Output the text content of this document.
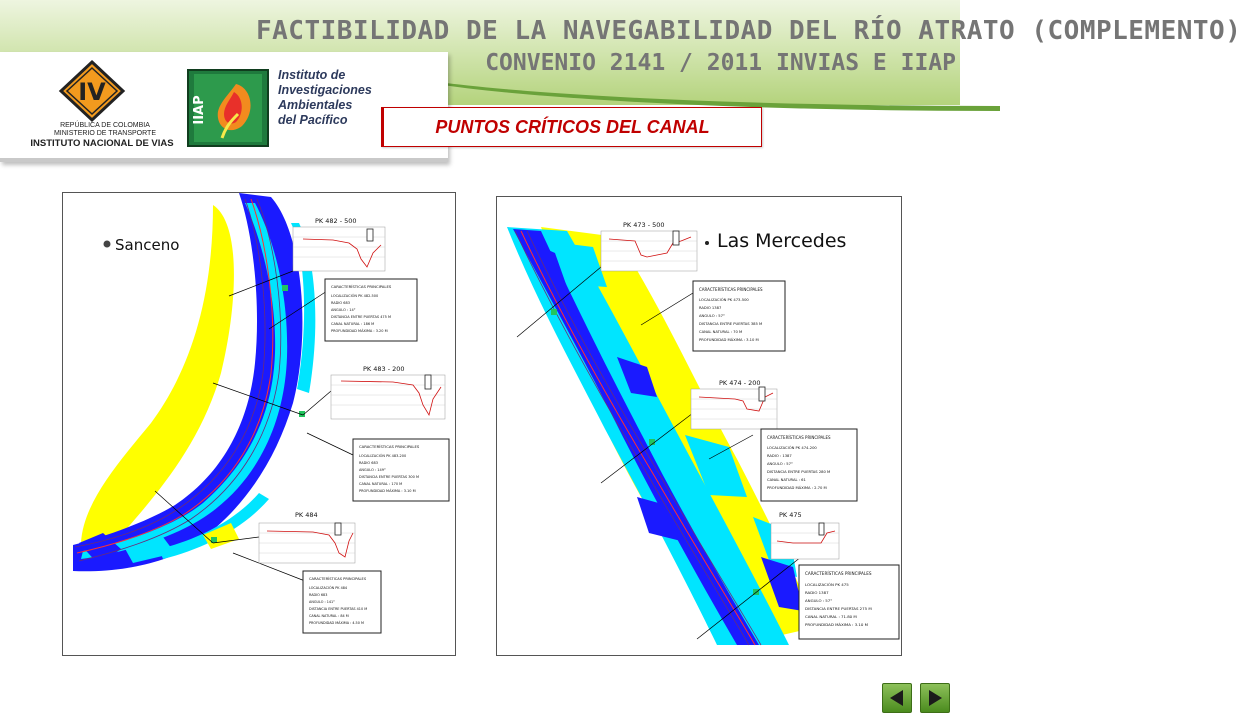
FACTIBILIDAD DE LA NAVEGABILIDAD DEL RÍO ATRATO (COMPLEMENTO)
CONVENIO 2141 / 2011 INVIAS E IIAP
IV
REPÚBLICA DE COLOMBIA
MINISTERIO DE TRANSPORTE
INSTITUTO NACIONAL DE VIAS
IIAP
Instituto de
Investigaciones
Ambientales
del Pacífico	PUNTOS CRÍTICOS DEL CANAL
Sanceno
PK 482 - 500
CARACTERÍSTICAS PRINCIPALES
LOCALIZACIÓN PK 482-500
RADIO 683
ANGULO : 14°
DISTANCIA ENTRE PUERTAS 475 M
CANAL NATURAL : 186 M
PROFUNDIDAD MÁXIMA : 3.20 M
PK 483 - 200
CARACTERÍSTICAS PRINCIPALES
LOCALIZACIÓN PK 483-200
RADIO 683
ANGULO : 149°
DISTANCIA ENTRE PUERTAS 300 M
CANAL NATURAL : 170 M
PROFUNDIDAD MÁXIMA : 3.10 M
PK 484
CARACTERÍSTICAS PRINCIPALES
LOCALIZACIÓN PK 484
RADIO 683
ANGULO : 141°
DISTANCIA ENTRE PUERTAS 410 M
CANAL NATURAL : 84 M
PROFUNDIDAD MÁXIMA : 4.50 M
Las Mercedes
PK 473 - 500
CARACTERÍSTICAS PRINCIPALES
LOCALIZACIÓN PK 473-500
RADIO 1387
ANGULO : 57°
DISTANCIA ENTRE PUERTAS 385 M
CANAL NATURAL : 70 M
PROFUNDIDAD MÁXIMA : 3.10 M
PK 474 - 200
CARACTERÍSTICAS PRINCIPALES
LOCALIZACIÓN PK 474-200
RADIO : 1387
ANGULO : 57°
DISTANCIA ENTRE PUERTAS 280 M
CANAL NATURAL : 61
PROFUNDIDAD MÁXIMA : 2.70 M
PK 475
CARACTERÍSTICAS PRINCIPALES
LOCALIZACIÓN PK 475
RADIO 1387
ANGULO : 57°
DISTANCIA ENTRE PUERTAS 275 M
CANAL NATURAL : 71.80 M
PROFUNDIDAD MÁXIMA : 3.10 M
